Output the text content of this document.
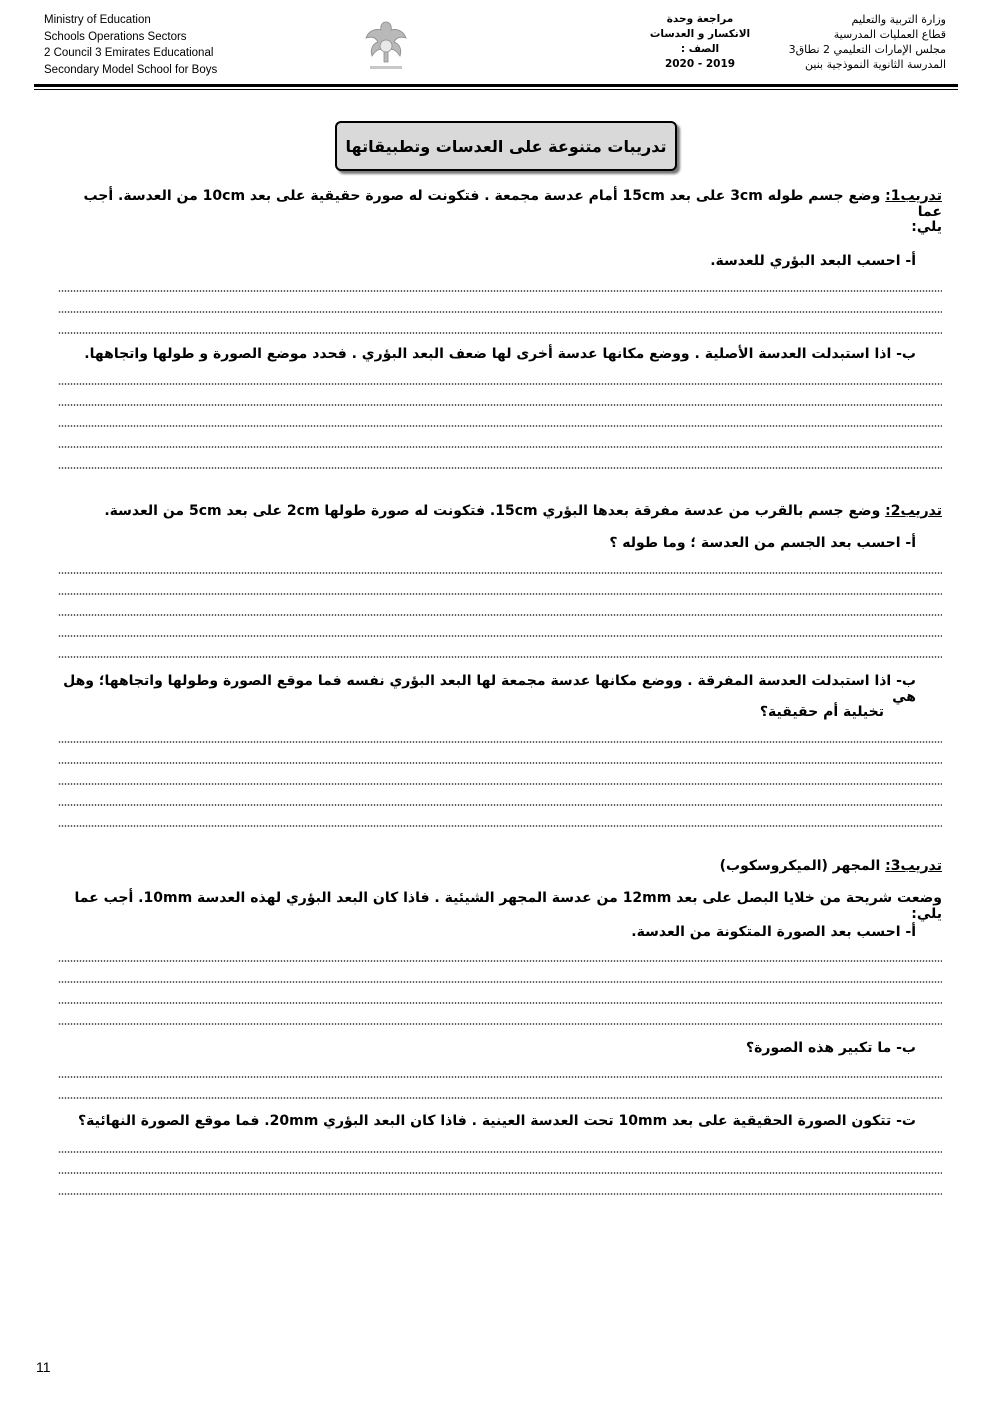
Ministry of Education
Schools Operations Sectors
2 Council 3 Emirates Educational
Secondary Model School for Boys
مراجعة وحدة
الانكسار و العدسات
الصف :
2020 - 2019
وزارة التربية والتعليم
قطاع العمليات المدرسية
مجلس الإمارات التعليمي 2 نطاق3
المدرسة الثانوية النموذجية بنين
تدريبات متنوعة على العدسات وتطبيقاتها
تدريب1: وضع جسم طوله 3cm على بعد 15cm أمام عدسة مجمعة . فتكونت له صورة حقيقية على بعد 10cm من العدسة. أجب عما
يلي:
أ- احسب البعد البؤري للعدسة.
ب- اذا استبدلت العدسة الأصلية . ووضع مكانها عدسة أخرى لها ضعف البعد البؤري . فحدد موضع الصورة و طولها واتجاهها.
تدريب2: وضع جسم بالقرب من عدسة مفرقة بعدها البؤري 15cm. فتكونت له صورة طولها 2cm على بعد 5cm من العدسة.
أ- احسب بعد الجسم من العدسة ؛ وما طوله ؟
ب- اذا استبدلت العدسة المفرقة . ووضع مكانها عدسة مجمعة لها البعد البؤري نفسه فما موقع الصورة وطولها واتجاهها؛ وهل هي
تخيلية أم حقيقية؟
تدريب3: المجهر (الميكروسكوب)
وضعت شريحة من خلايا البصل على بعد 12mm من عدسة المجهر الشيئية . فاذا كان البعد البؤري لهذه العدسة 10mm. أجب عما يلي:
أ- احسب بعد الصورة المتكونة من العدسة.
ب- ما تكبير هذه الصورة؟
ت- تتكون الصورة الحقيقية على بعد 10mm تحت العدسة العينية . فاذا كان البعد البؤري 20mm. فما موقع الصورة النهائية؟
11
